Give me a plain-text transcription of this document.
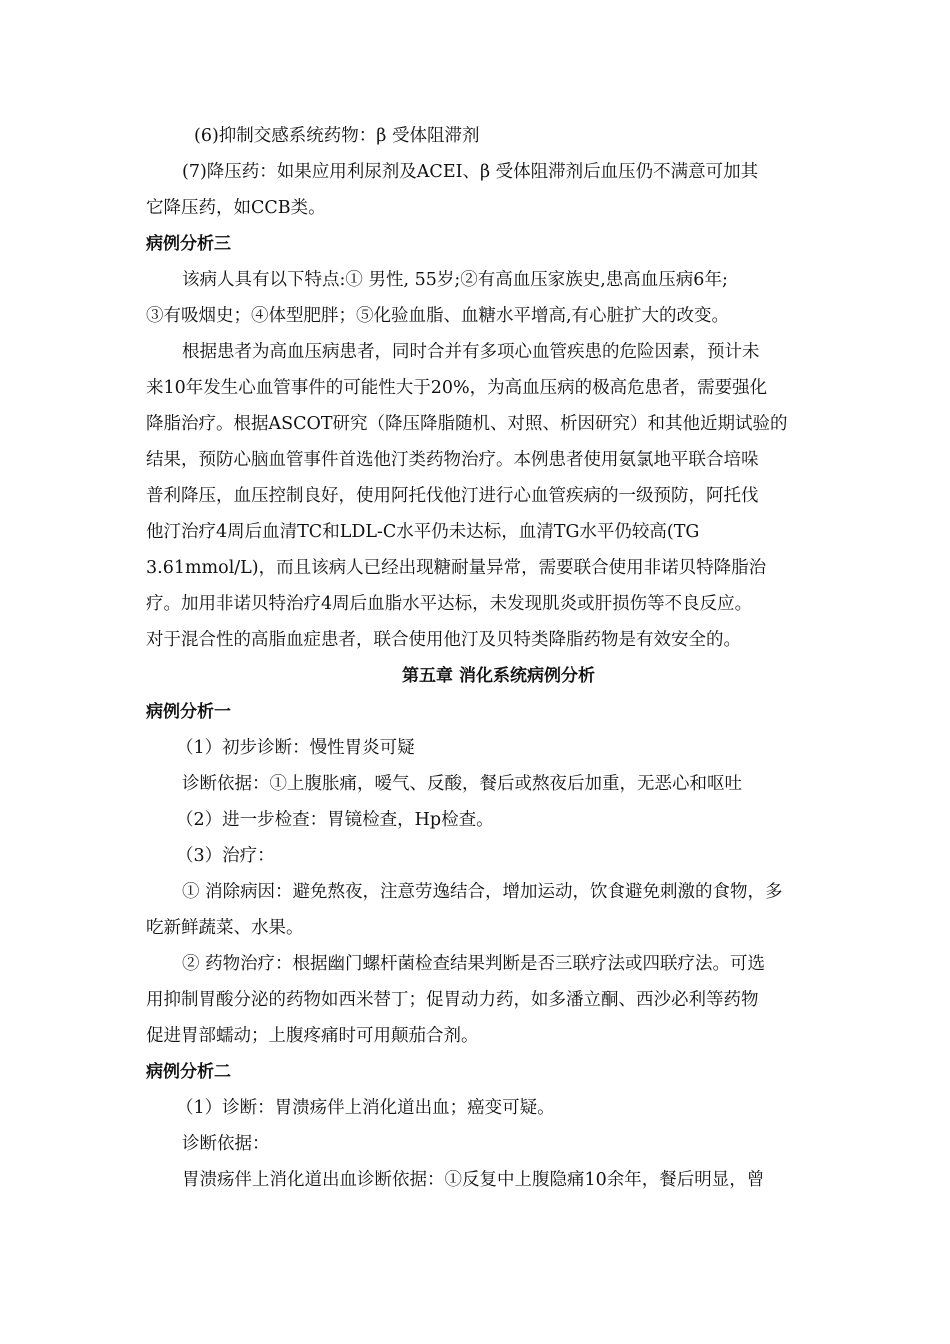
(6)抑制交感系统药物：β 受体阻滞剂
(7)降压药：如果应用利尿剂及ACEI、β 受体阻滞剂后血压仍不满意可加其
它降压药，如CCB类。
病例分析三
该病人具有以下特点:① 男性, 55岁;②有高血压家族史,患高血压病6年;
③有吸烟史；④体型肥胖；⑤化验血脂、血糖水平增高,有心脏扩大的改变。
根据患者为高血压病患者，同时合并有多项心血管疾患的危险因素，预计未
来10年发生心血管事件的可能性大于20%，为高血压病的极高危患者，需要强化
降脂治疗。根据ASCOT研究（降压降脂随机、对照、析因研究）和其他近期试验的
结果，预防心脑血管事件首选他汀类药物治疗。本例患者使用氨氯地平联合培哚
普利降压，血压控制良好，使用阿托伐他汀进行心血管疾病的一级预防，阿托伐
他汀治疗4周后血清TC和LDL-C水平仍未达标，血清TG水平仍较高(TG
3.61mmol/L)，而且该病人已经出现糖耐量异常，需要联合使用非诺贝特降脂治
疗。加用非诺贝特治疗4周后血脂水平达标，未发现肌炎或肝损伤等不良反应。
对于混合性的高脂血症患者，联合使用他汀及贝特类降脂药物是有效安全的。
第五章 消化系统病例分析
病例分析一
（1）初步诊断：慢性胃炎可疑
诊断依据：①上腹胀痛，嗳气、反酸，餐后或熬夜后加重，无恶心和呕吐
（2）进一步检查：胃镜检查，Hp检查。
（3）治疗：
① 消除病因：避免熬夜，注意劳逸结合，增加运动，饮食避免刺激的食物，多
吃新鲜蔬菜、水果。
② 药物治疗：根据幽门螺杆菌检查结果判断是否三联疗法或四联疗法。可选
用抑制胃酸分泌的药物如西米替丁；促胃动力药，如多潘立酮、西沙必利等药物
促进胃部蠕动；上腹疼痛时可用颠茄合剂。
病例分析二
（1）诊断：胃溃疡伴上消化道出血；癌变可疑。
诊断依据：
胃溃疡伴上消化道出血诊断依据：①反复中上腹隐痛10余年，餐后明显，曾
